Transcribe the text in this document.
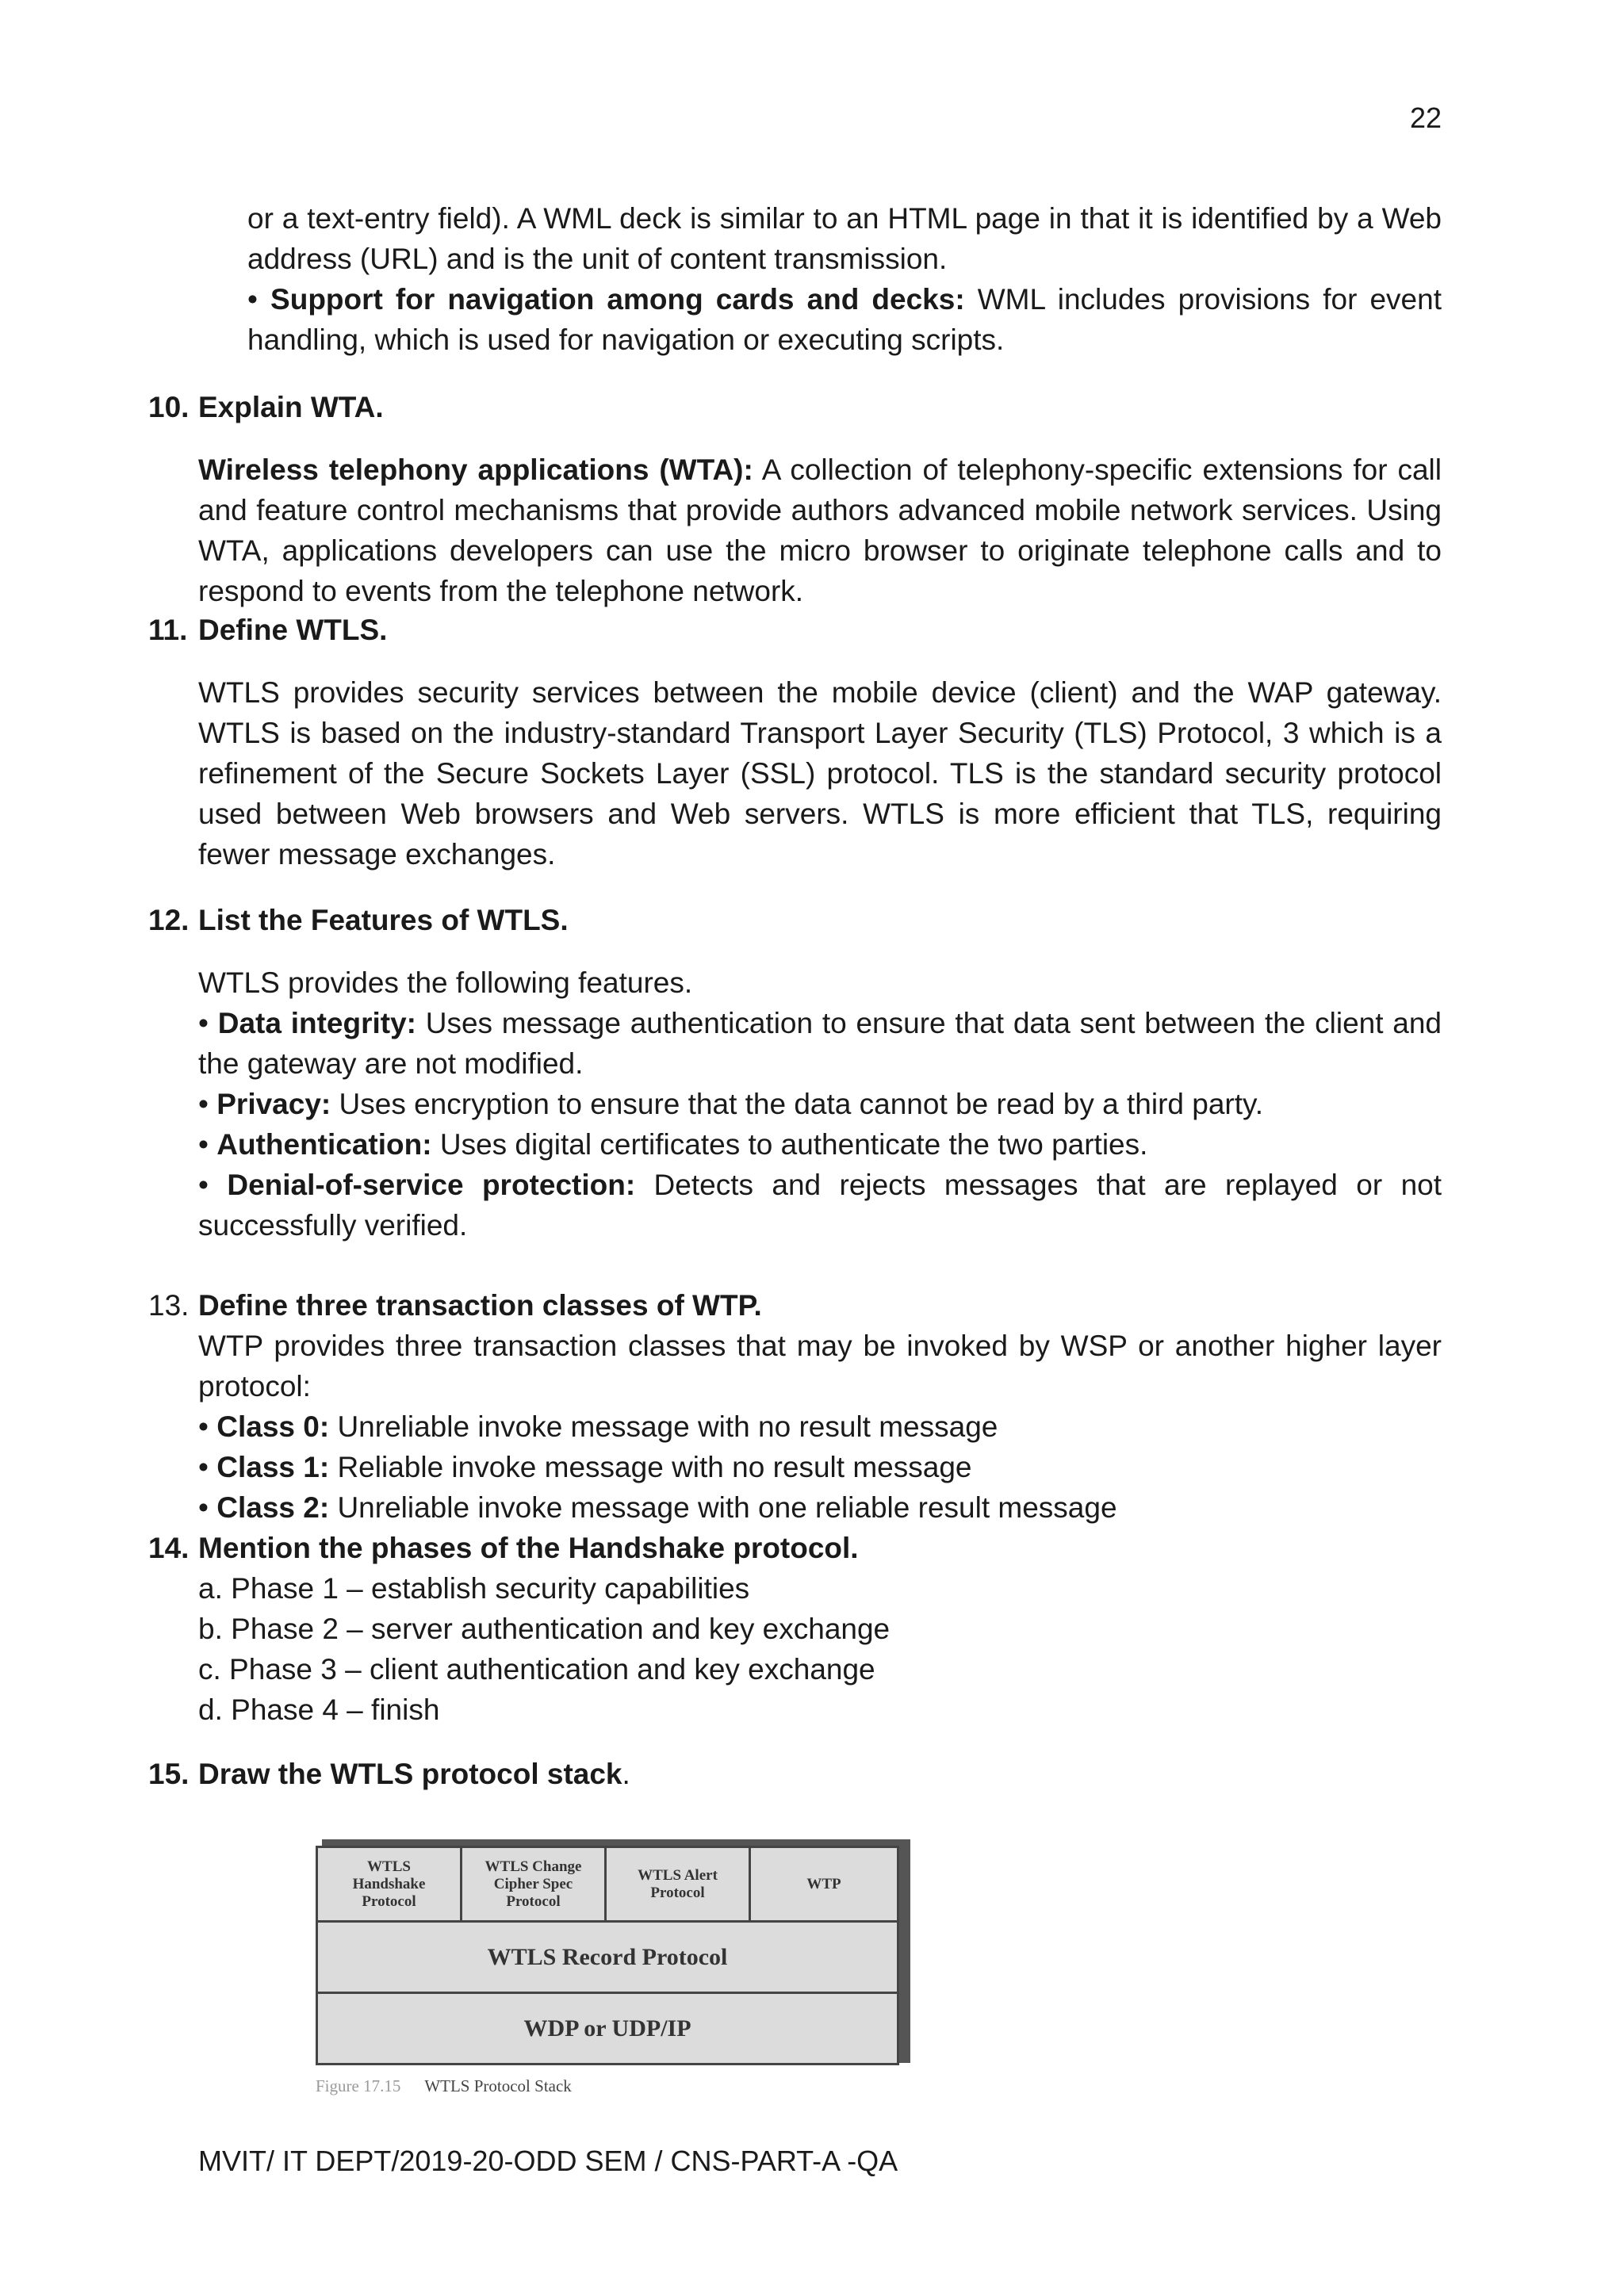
22

or a text-entry field). A WML deck is similar to an HTML page in that it is identified by a Web address (URL) and is the unit of content transmission.

• Support for navigation among cards and decks: WML includes provisions for event handling, which is used for navigation or executing scripts.

10. Explain WTA.

Wireless telephony applications (WTA): A collection of telephony-specific extensions for call and feature control mechanisms that provide authors advanced mobile network services. Using WTA, applications developers can use the micro browser to originate telephone calls and to respond to events from the telephone network.

11. Define WTLS.

WTLS provides security services between the mobile device (client) and the WAP gateway. WTLS is based on the industry-standard Transport Layer Security (TLS) Protocol, 3 which is a refinement of the Secure Sockets Layer (SSL) protocol. TLS is the standard security protocol used between Web browsers and Web servers. WTLS is more efficient that TLS, requiring fewer message exchanges.

12. List the Features of WTLS.

WTLS provides the following features.

• Data integrity: Uses message authentication to ensure that data sent between the client and the gateway are not modified.

• Privacy: Uses encryption to ensure that the data cannot be read by a third party.

• Authentication: Uses digital certificates to authenticate the two parties.

• Denial-of-service protection: Detects and rejects messages that are replayed or not successfully verified.

13. Define three transaction classes of WTP.

WTP provides three transaction classes that may be invoked by WSP or another higher layer protocol:

• Class 0: Unreliable invoke message with no result message

• Class 1: Reliable invoke message with no result message

• Class 2: Unreliable invoke message with one reliable result message

14. Mention the phases of the Handshake protocol.

a. Phase 1 – establish security capabilities

b. Phase 2 – server authentication and key exchange

c. Phase 3 – client authentication and key exchange

d. Phase 4 – finish

15. Draw the WTLS protocol stack.
WTLS
Handshake
Protocol
WTLS Change
Cipher Spec
Protocol
WTLS Alert
Protocol
WTP
WTLS Record Protocol
WDP or UDP/IP
Figure 17.15 WTLS Protocol Stack
MVIT/ IT DEPT/2019-20-ODD SEM / CNS-PART-A -QA
